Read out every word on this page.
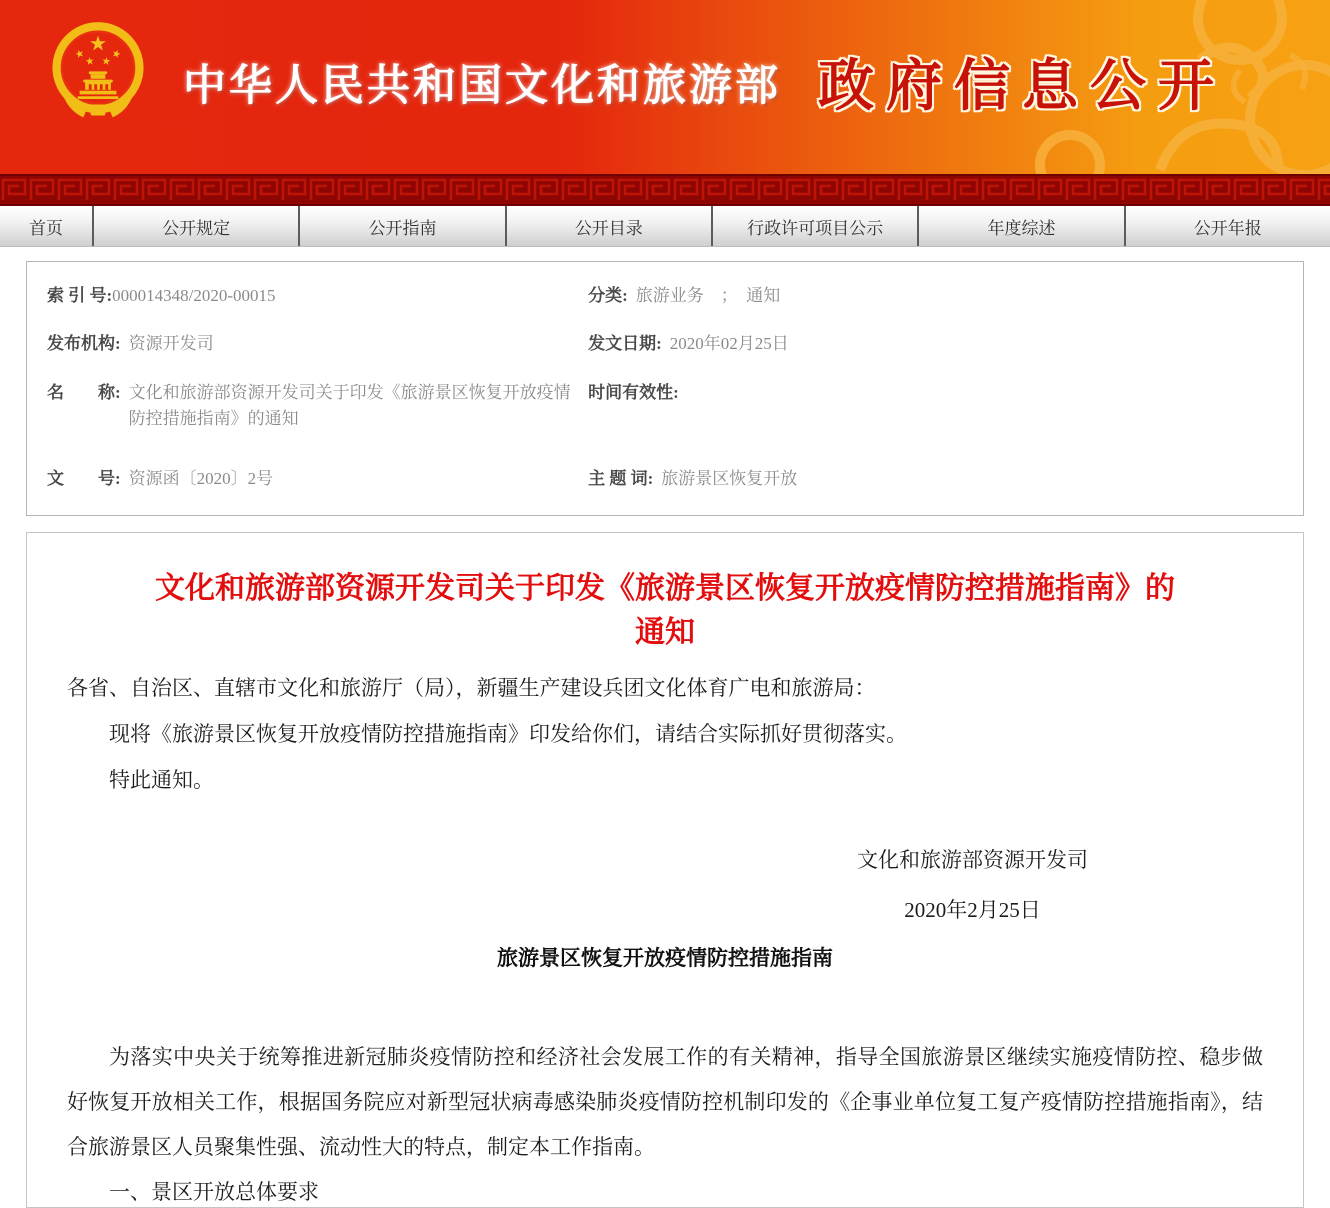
中华人民共和国文化和旅游部 政府信息公开
首页	公开规定	公开指南	公开目录	行政许可项目公示	年度综述	公开年报
索 引 号: 000014348/2020-00015	分类: 旅游业务　；　通知
发布机构: 资源开发司	发文日期: 2020年02月25日
名　　称: 文化和旅游部资源开发司关于印发《旅游景区恢复开放疫情防控措施指南》的通知
时间有效性:
文　　号: 资源函〔2020〕2号	主 题 词: 旅游景区恢复开放
文化和旅游部资源开发司关于印发《旅游景区恢复开放疫情防控措施指南》的通知

各省、自治区、直辖市文化和旅游厅（局），新疆生产建设兵团文化体育广电和旅游局：

现将《旅游景区恢复开放疫情防控措施指南》印发给你们，请结合实际抓好贯彻落实。

特此通知。

文化和旅游部资源开发司

2020年2月25日

旅游景区恢复开放疫情防控措施指南

为落实中央关于统筹推进新冠肺炎疫情防控和经济社会发展工作的有关精神，指导全国旅游景区继续实施疫情防控、稳步做好恢复开放相关工作，根据国务院应对新型冠状病毒感染肺炎疫情防控机制印发的《企事业单位复工复产疫情防控措施指南》，结合旅游景区人员聚集性强、流动性大的特点，制定本工作指南。

一、景区开放总体要求
